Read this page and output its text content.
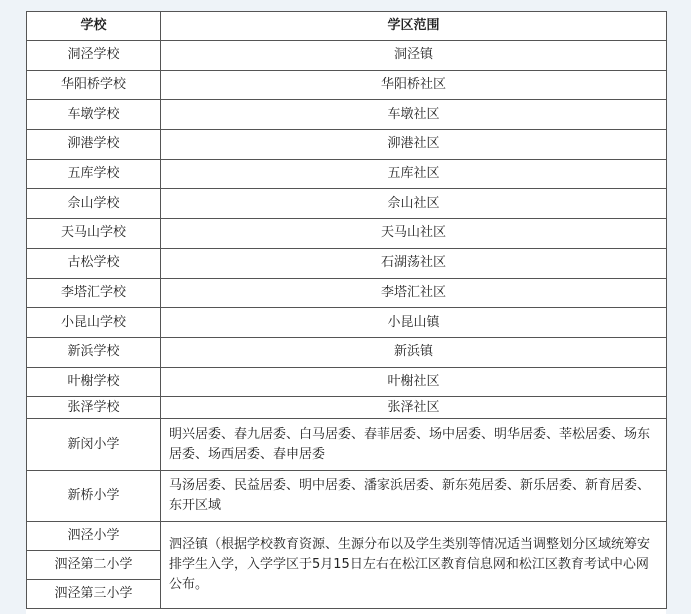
学校	学区范围
洞泾学校	洞泾镇
华阳桥学校	华阳桥社区
车墩学校	车墩社区
泖港学校	泖港社区
五库学校	五库社区
佘山学校	佘山社区
天马山学校	天马山社区
古松学校	石湖荡社区
李塔汇学校	李塔汇社区
小昆山学校	小昆山镇
新浜学校	新浜镇
叶榭学校	叶榭社区
张泽学校	张泽社区
新闵小学	明兴居委、春九居委、白马居委、春菲居委、场中居委、明华居委、莘松居委、场东居委、场西居委、春申居委
新桥小学	马汤居委、民益居委、明中居委、潘家浜居委、新东苑居委、新乐居委、新育居委、东开区域
泗泾小学	泗泾镇（根据学校教育资源、生源分布以及学生类别等情况适当调整划分区域统筹安排学生入学，入学学区于5月15日左右在松江区教育信息网和松江区教育考试中心网公布。
泗泾第二小学	
泗泾第三小学	
